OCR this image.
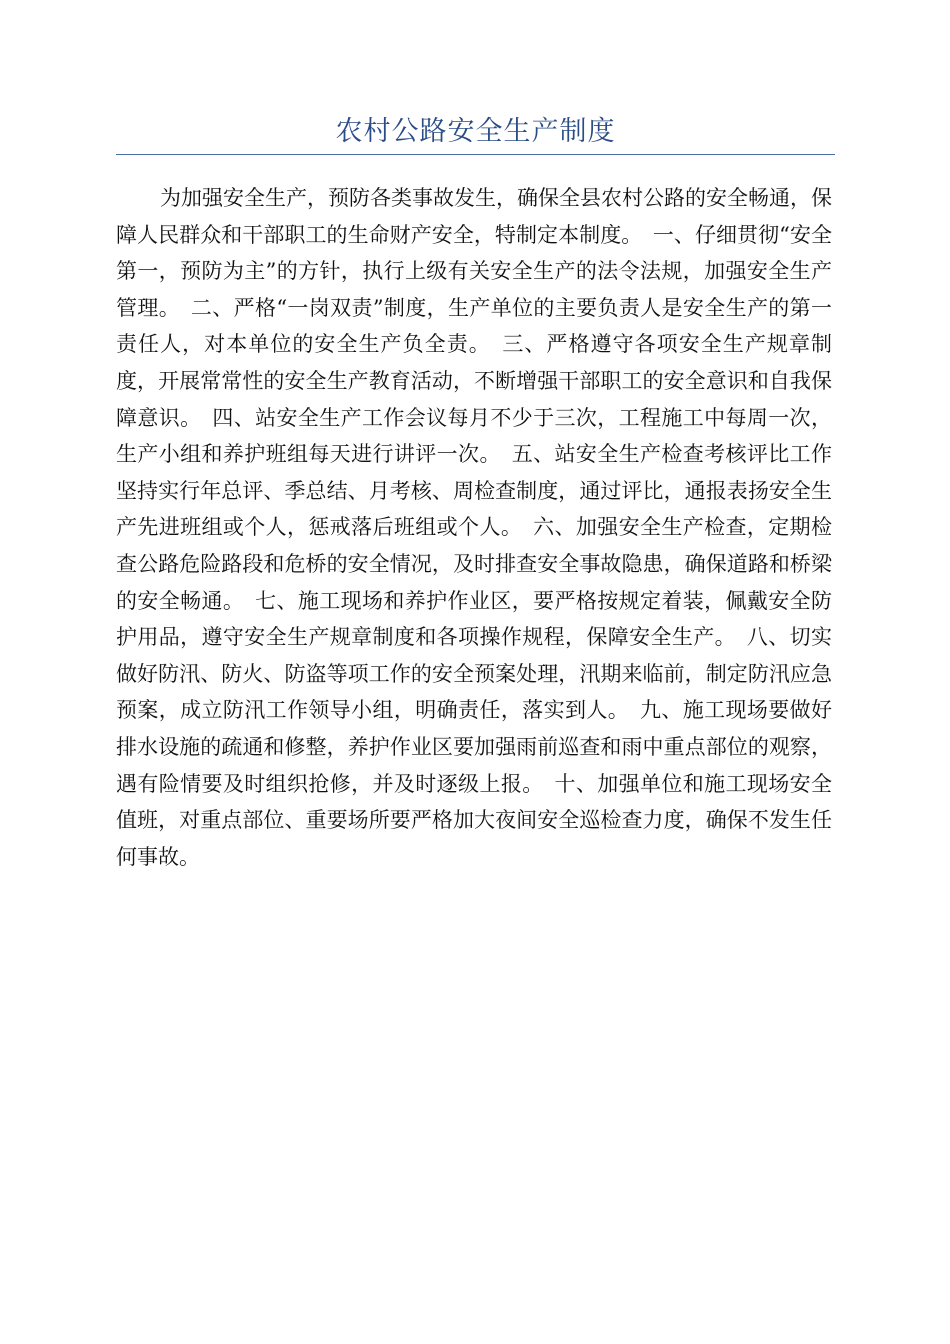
农村公路安全生产制度

为加强安全生产，预防各类事故发生，确保全县农村公路的安全畅通，保障人民群众和干部职工的生命财产安全，特制定本制度。　一、仔细贯彻“安全第一，预防为主”的方针，执行上级有关安全生产的法令法规，加强安全生产管理。　二、严格“一岗双责”制度，生产单位的主要负责人是安全生产的第一责任人，对本单位的安全生产负全责。　三、严格遵守各项安全生产规章制度，开展常常性的安全生产教育活动，不断增强干部职工的安全意识和自我保障意识。　四、站安全生产工作会议每月不少于三次，工程施工中每周一次，生产小组和养护班组每天进行讲评一次。　五、站安全生产检查考核评比工作坚持实行年总评、季总结、月考核、周检查制度，通过评比，通报表扬安全生产先进班组或个人，惩戒落后班组或个人。　六、加强安全生产检查，定期检查公路危险路段和危桥的安全情况，及时排查安全事故隐患，确保道路和桥梁的安全畅通。　七、施工现场和养护作业区，要严格按规定着装，佩戴安全防护用品，遵守安全生产规章制度和各项操作规程，保障安全生产。　八、切实做好防汛、防火、防盗等项工作的安全预案处理，汛期来临前，制定防汛应急预案，成立防汛工作领导小组，明确责任，落实到人。　九、施工现场要做好排水设施的疏通和修整，养护作业区要加强雨前巡查和雨中重点部位的观察，遇有险情要及时组织抢修，并及时逐级上报。　十、加强单位和施工现场安全值班，对重点部位、重要场所要严格加大夜间安全巡检查力度，确保不发生任何事故。
